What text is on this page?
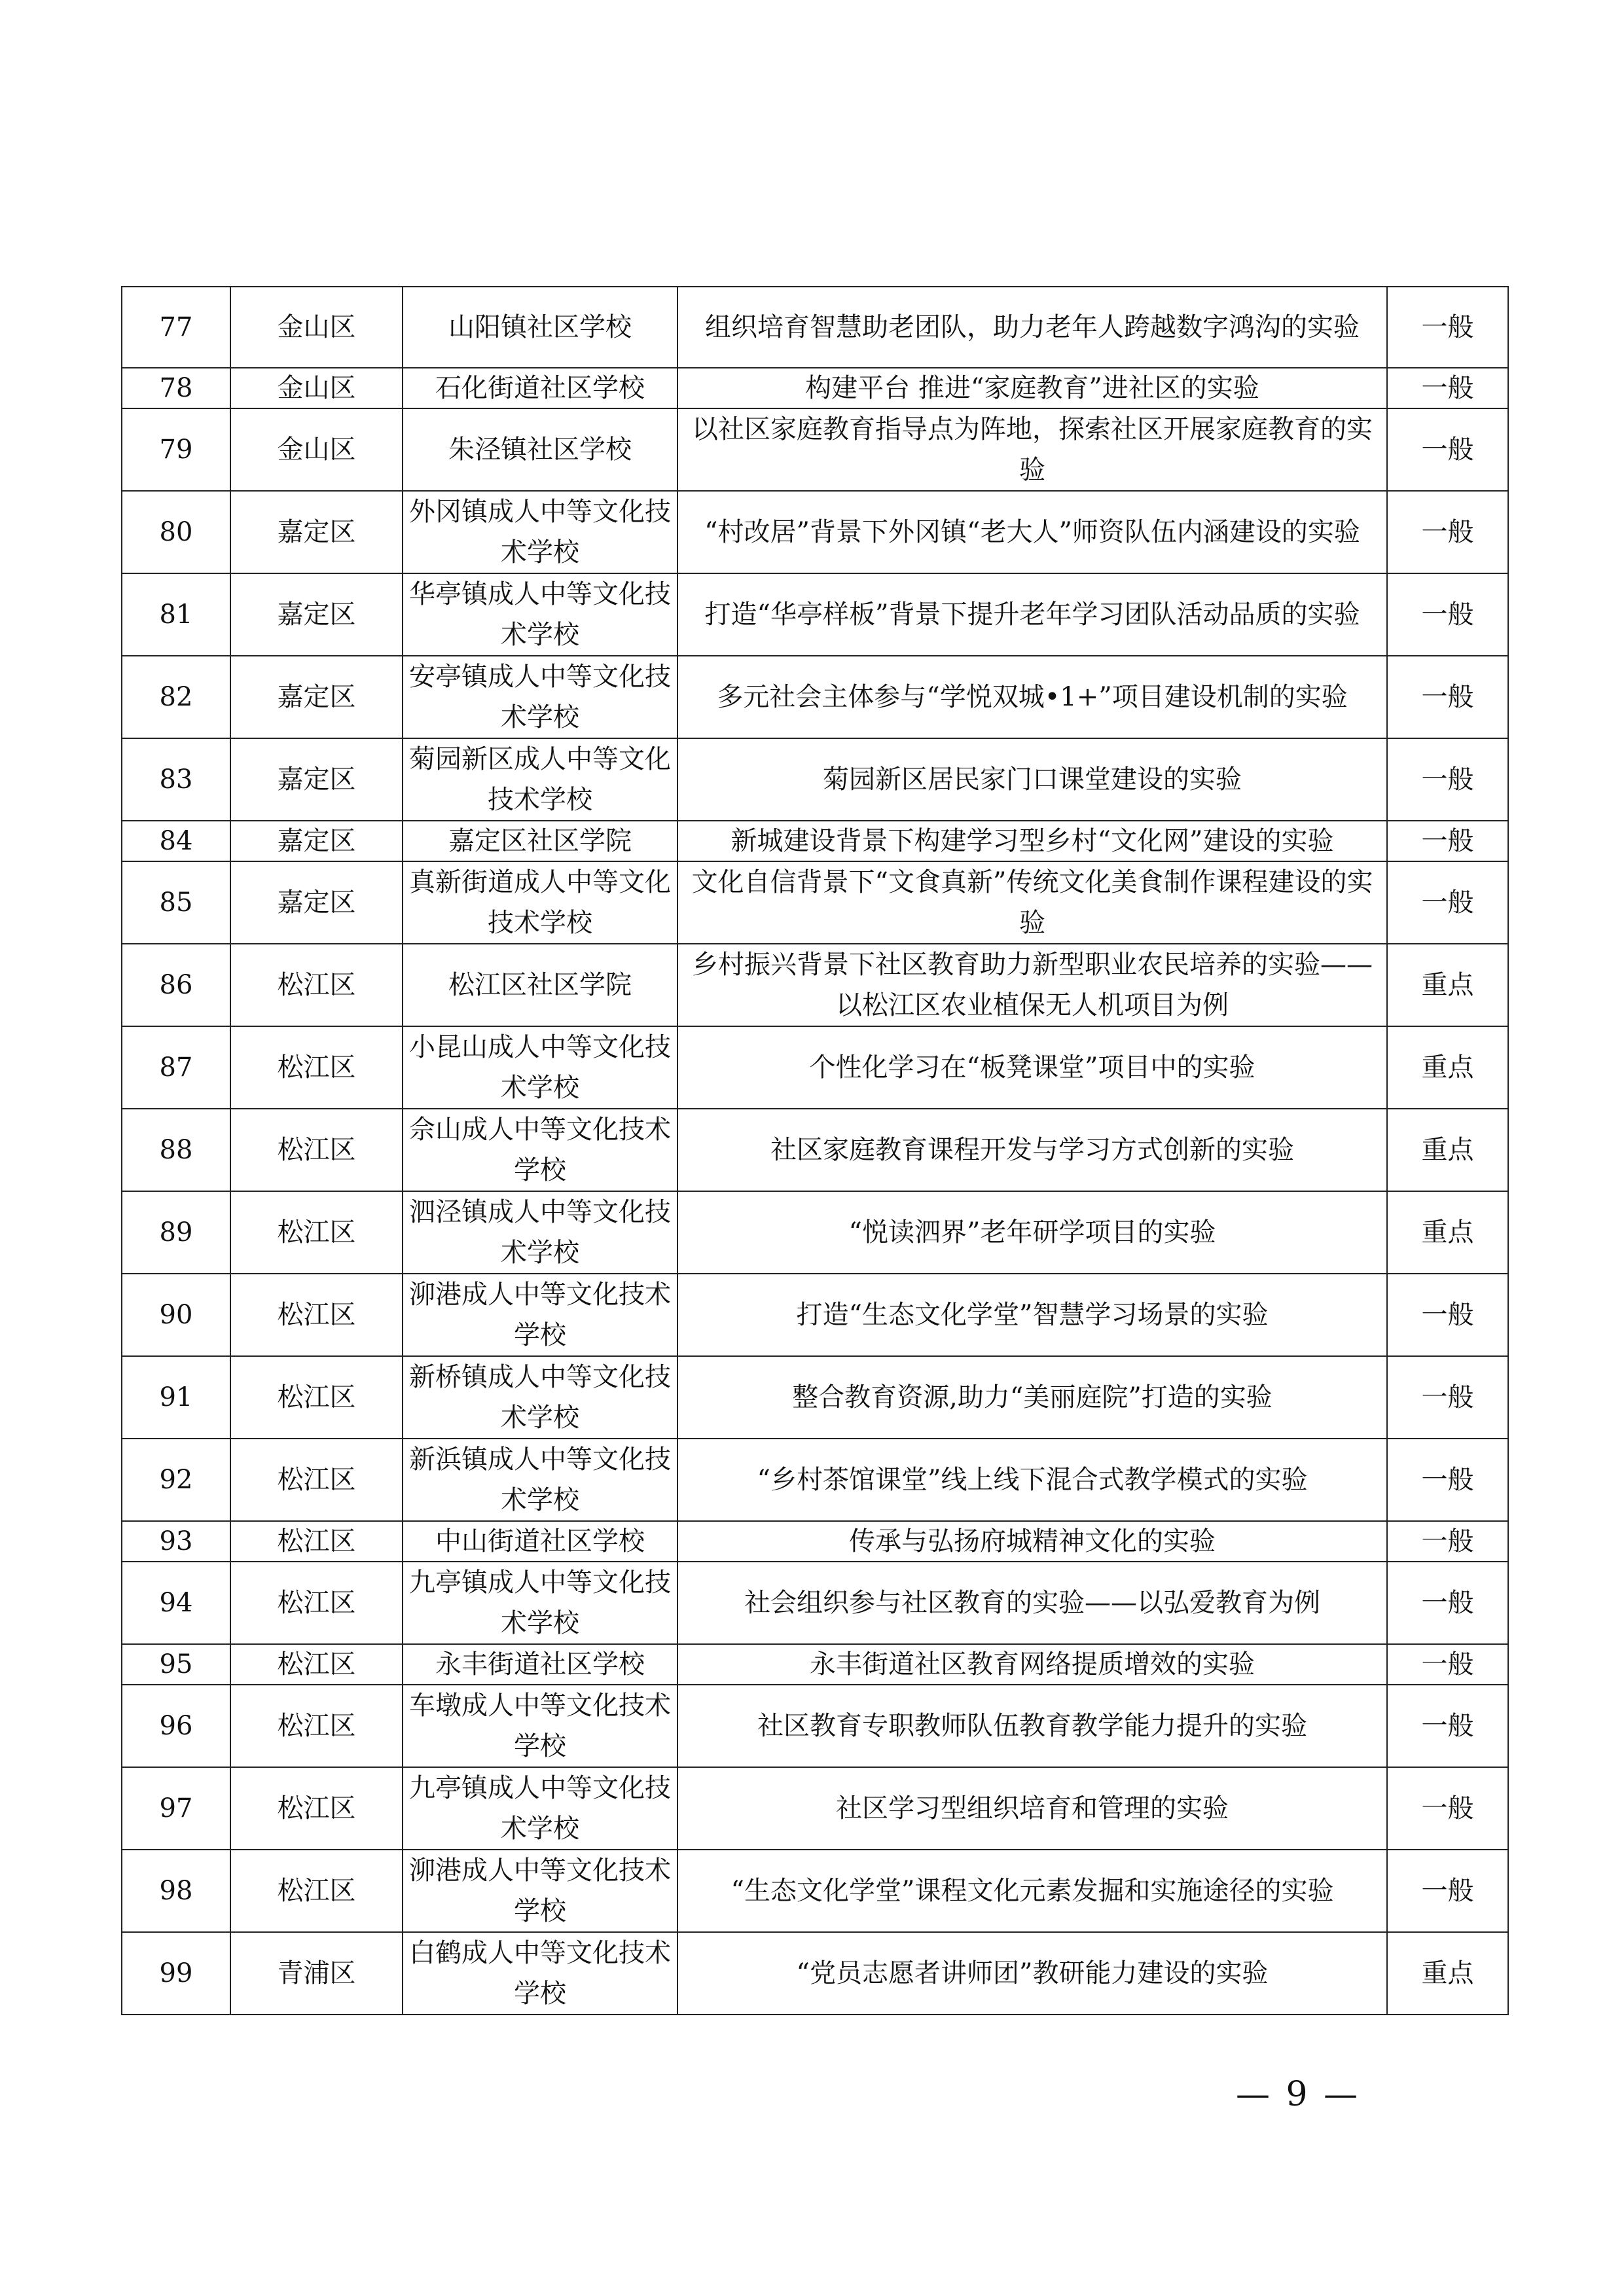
77	金山区	山阳镇社区学校	组织培育智慧助老团队，助力老年人跨越数字鸿沟的实验	一般
78	金山区	石化街道社区学校	构建平台 推进“家庭教育”进社区的实验	一般
79	金山区	朱泾镇社区学校	以社区家庭教育指导点为阵地，探索社区开展家庭教育的实验	一般
80	嘉定区	外冈镇成人中等文化技术学校	“村改居”背景下外冈镇“老大人”师资队伍内涵建设的实验	一般
81	嘉定区	华亭镇成人中等文化技术学校	打造“华亭样板”背景下提升老年学习团队活动品质的实验	一般
82	嘉定区	安亭镇成人中等文化技术学校	多元社会主体参与“学悦双城•1+”项目建设机制的实验	一般
83	嘉定区	菊园新区成人中等文化技术学校	菊园新区居民家门口课堂建设的实验	一般
84	嘉定区	嘉定区社区学院	新城建设背景下构建学习型乡村“文化网”建设的实验	一般
85	嘉定区	真新街道成人中等文化技术学校	文化自信背景下“文食真新”传统文化美食制作课程建设的实验	一般
86	松江区	松江区社区学院	乡村振兴背景下社区教育助力新型职业农民培养的实验——以松江区农业植保无人机项目为例	重点
87	松江区	小昆山成人中等文化技术学校	个性化学习在“板凳课堂”项目中的实验	重点
88	松江区	佘山成人中等文化技术学校	社区家庭教育课程开发与学习方式创新的实验	重点
89	松江区	泗泾镇成人中等文化技术学校	“悦读泗界”老年研学项目的实验	重点
90	松江区	泖港成人中等文化技术学校	打造“生态文化学堂”智慧学习场景的实验	一般
91	松江区	新桥镇成人中等文化技术学校	整合教育资源,助力“美丽庭院”打造的实验	一般
92	松江区	新浜镇成人中等文化技术学校	“乡村茶馆课堂”线上线下混合式教学模式的实验	一般
93	松江区	中山街道社区学校	传承与弘扬府城精神文化的实验	一般
94	松江区	九亭镇成人中等文化技术学校	社会组织参与社区教育的实验——以弘爱教育为例	一般
95	松江区	永丰街道社区学校	永丰街道社区教育网络提质增效的实验	一般
96	松江区	车墩成人中等文化技术学校	社区教育专职教师队伍教育教学能力提升的实验	一般
97	松江区	九亭镇成人中等文化技术学校	社区学习型组织培育和管理的实验	一般
98	松江区	泖港成人中等文化技术学校	“生态文化学堂”课程文化元素发掘和实施途径的实验	一般
99	青浦区	白鹤成人中等文化技术学校	“党员志愿者讲师团”教研能力建设的实验	重点
— 9 —
